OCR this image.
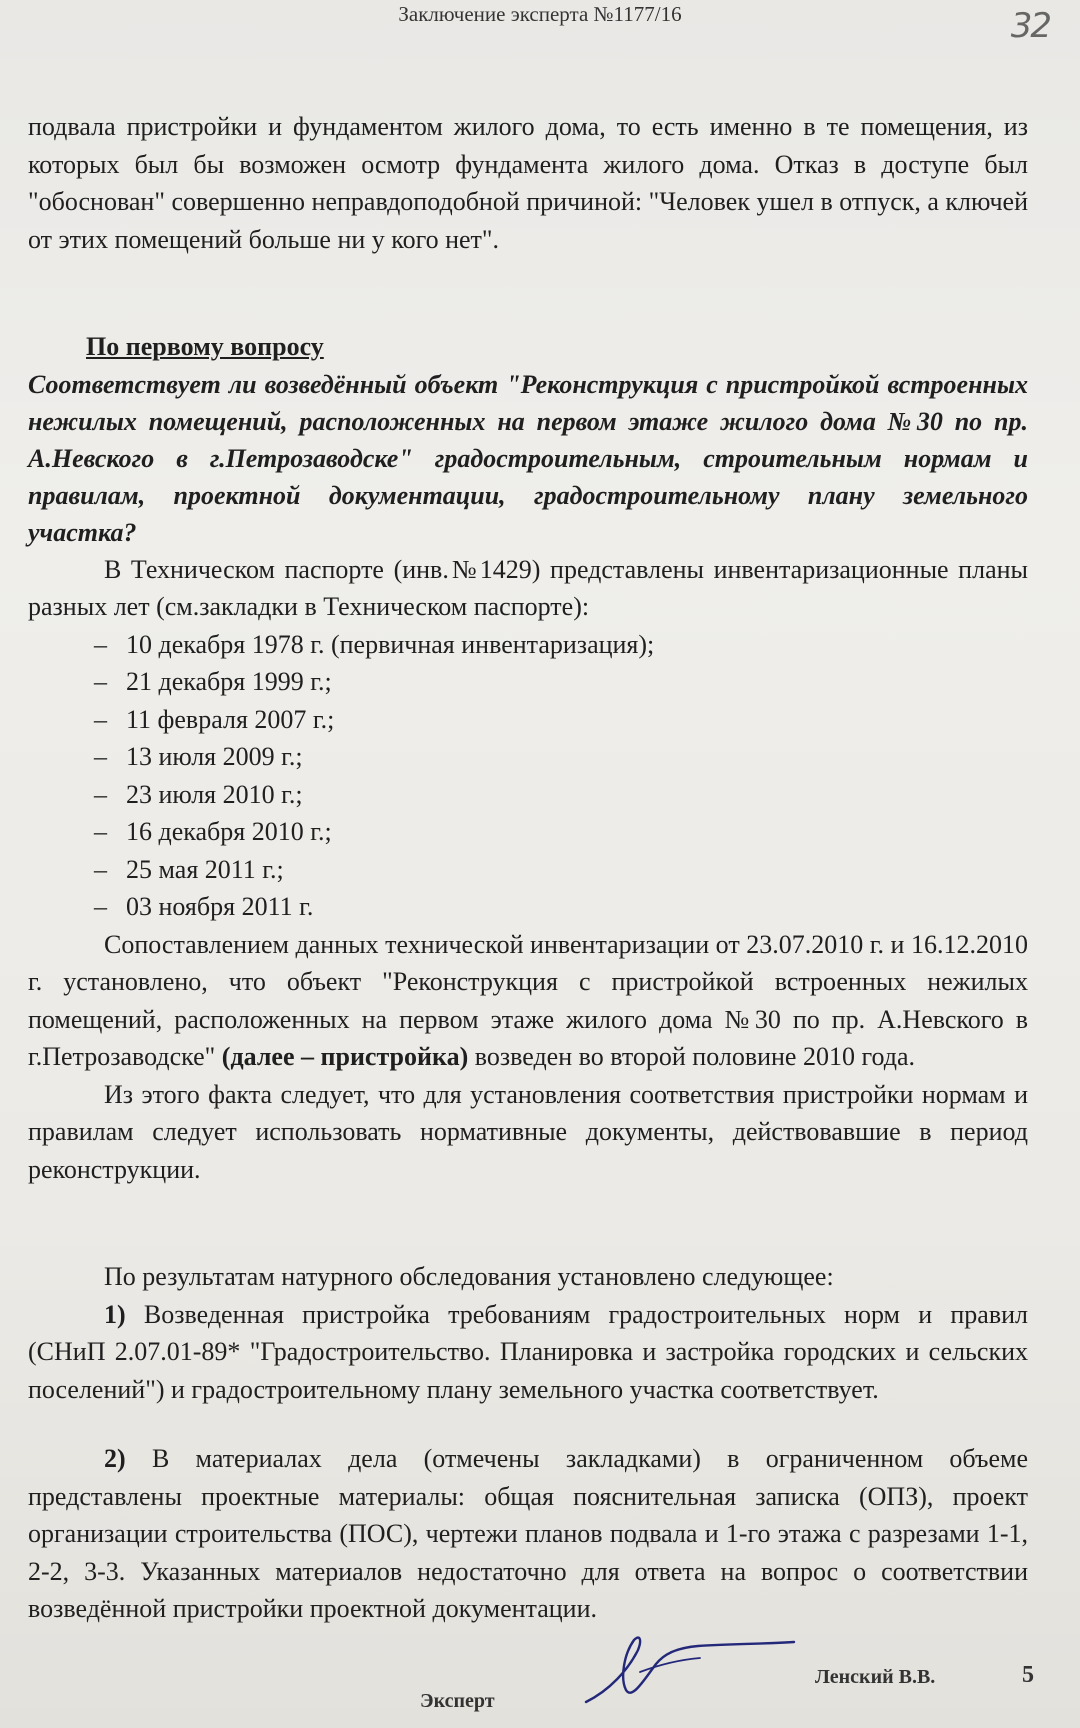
Заключение эксперта №1177/16	32

подвала пристройки и фундаментом жилого дома, то есть именно в те помещения, из которых был бы возможен осмотр фундамента жилого дома. Отказ в доступе был "обоснован" совершенно неправдоподобной причиной: "Человек ушел в отпуск, а ключей от этих помещений больше ни у кого нет".

По первому вопросу

Соответствует ли возведённый объект "Реконструкция с пристройкой встроенных нежилых помещений, расположенных на первом этаже жилого дома №30 по пр. А.Невского в г.Петрозаводске" градостроительным, строительным нормам и правилам, проектной документации, градостроительному плану земельного участка?

В Техническом паспорте (инв.№1429) представлены инвентаризационные планы разных лет (см.закладки в Техническом паспорте):

– 10 декабря 1978 г. (первичная инвентаризация);
– 21 декабря 1999 г.;
– 11 февраля 2007 г.;
– 13 июля 2009 г.;
– 23 июля 2010 г.;
– 16 декабря 2010 г.;
– 25 мая 2011 г.;
– 03 ноября 2011 г.

Сопоставлением данных технической инвентаризации от 23.07.2010 г. и 16.12.2010 г. установлено, что объект "Реконструкция с пристройкой встроенных нежилых помещений, расположенных на первом этаже жилого дома №30 по пр. А.Невского в г.Петрозаводске" (далее – пристройка) возведен во второй половине 2010 года.

Из этого факта следует, что для установления соответствия пристройки нормам и правилам следует использовать нормативные документы, действовавшие в период реконструкции.

По результатам натурного обследования установлено следующее:

1) Возведенная пристройка требованиям градостроительных норм и правил (СНиП 2.07.01-89* "Градостроительство. Планировка и застройка городских и сельских поселений") и градостроительному плану земельного участка соответствует.

2) В материалах дела (отмечены закладками) в ограниченном объеме представлены проектные материалы: общая пояснительная записка (ОПЗ), проект организации строительства (ПОС), чертежи планов подвала и 1-го этажа с разрезами 1-1, 2-2, 3-3. Указанных материалов недостаточно для ответа на вопрос о соответствии возведённой пристройки проектной документации.

Эксперт
Ленский В.В.	5
